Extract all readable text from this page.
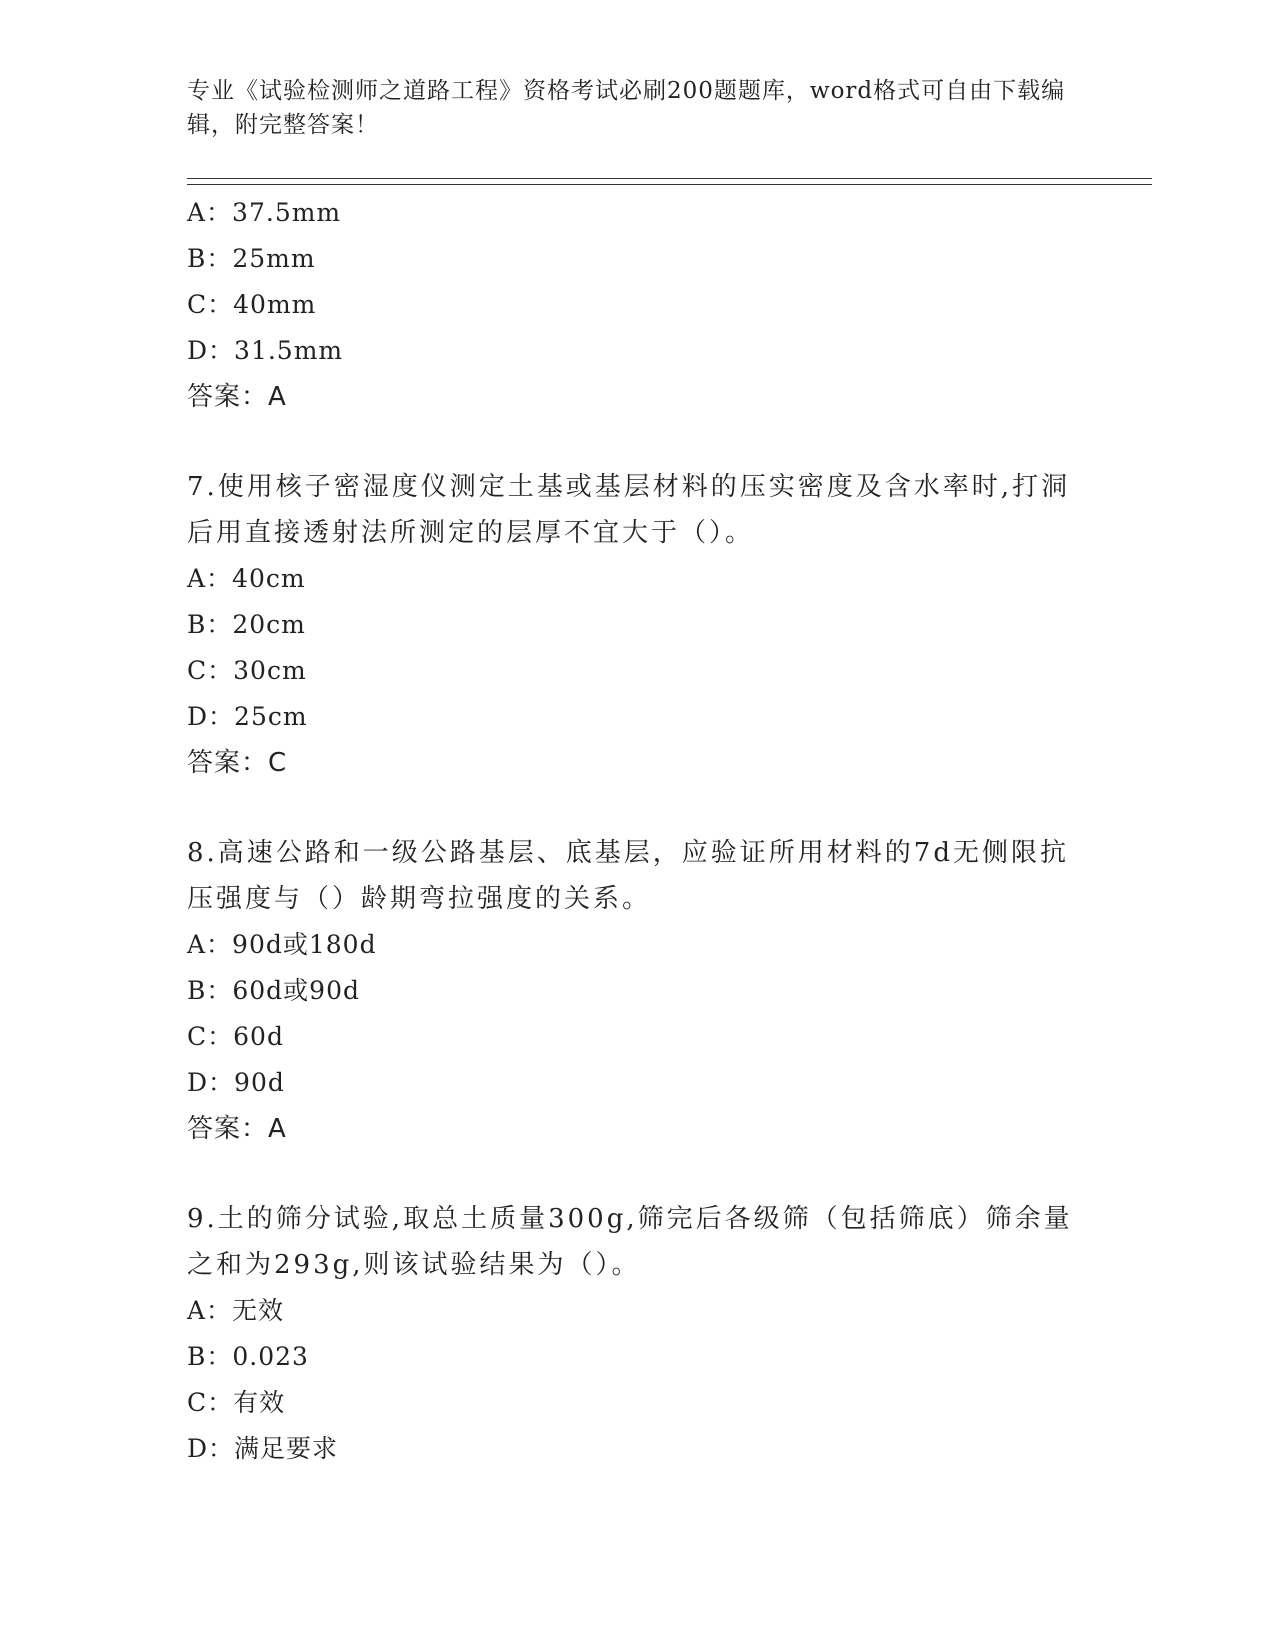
专业《试验检测师之道路工程》资格考试必刷200题题库，word格式可自由下载编辑，附完整答案！
A：37.5mm
B：25mm
C：40mm
D：31.5mm
答案：A
7.使用核子密湿度仪测定土基或基层材料的压实密度及含水率时,打洞后用直接透射法所测定的层厚不宜大于（）。
A：40cm
B：20cm
C：30cm
D：25cm
答案：C
8.高速公路和一级公路基层、底基层，应验证所用材料的7d无侧限抗压强度与（）龄期弯拉强度的关系。
A：90d或180d
B：60d或90d
C：60d
D：90d
答案：A
9.土的筛分试验,取总土质量300g,筛完后各级筛（包括筛底）筛余量之和为293g,则该试验结果为（）。
A：无效
B：0.023
C：有效
D：满足要求
